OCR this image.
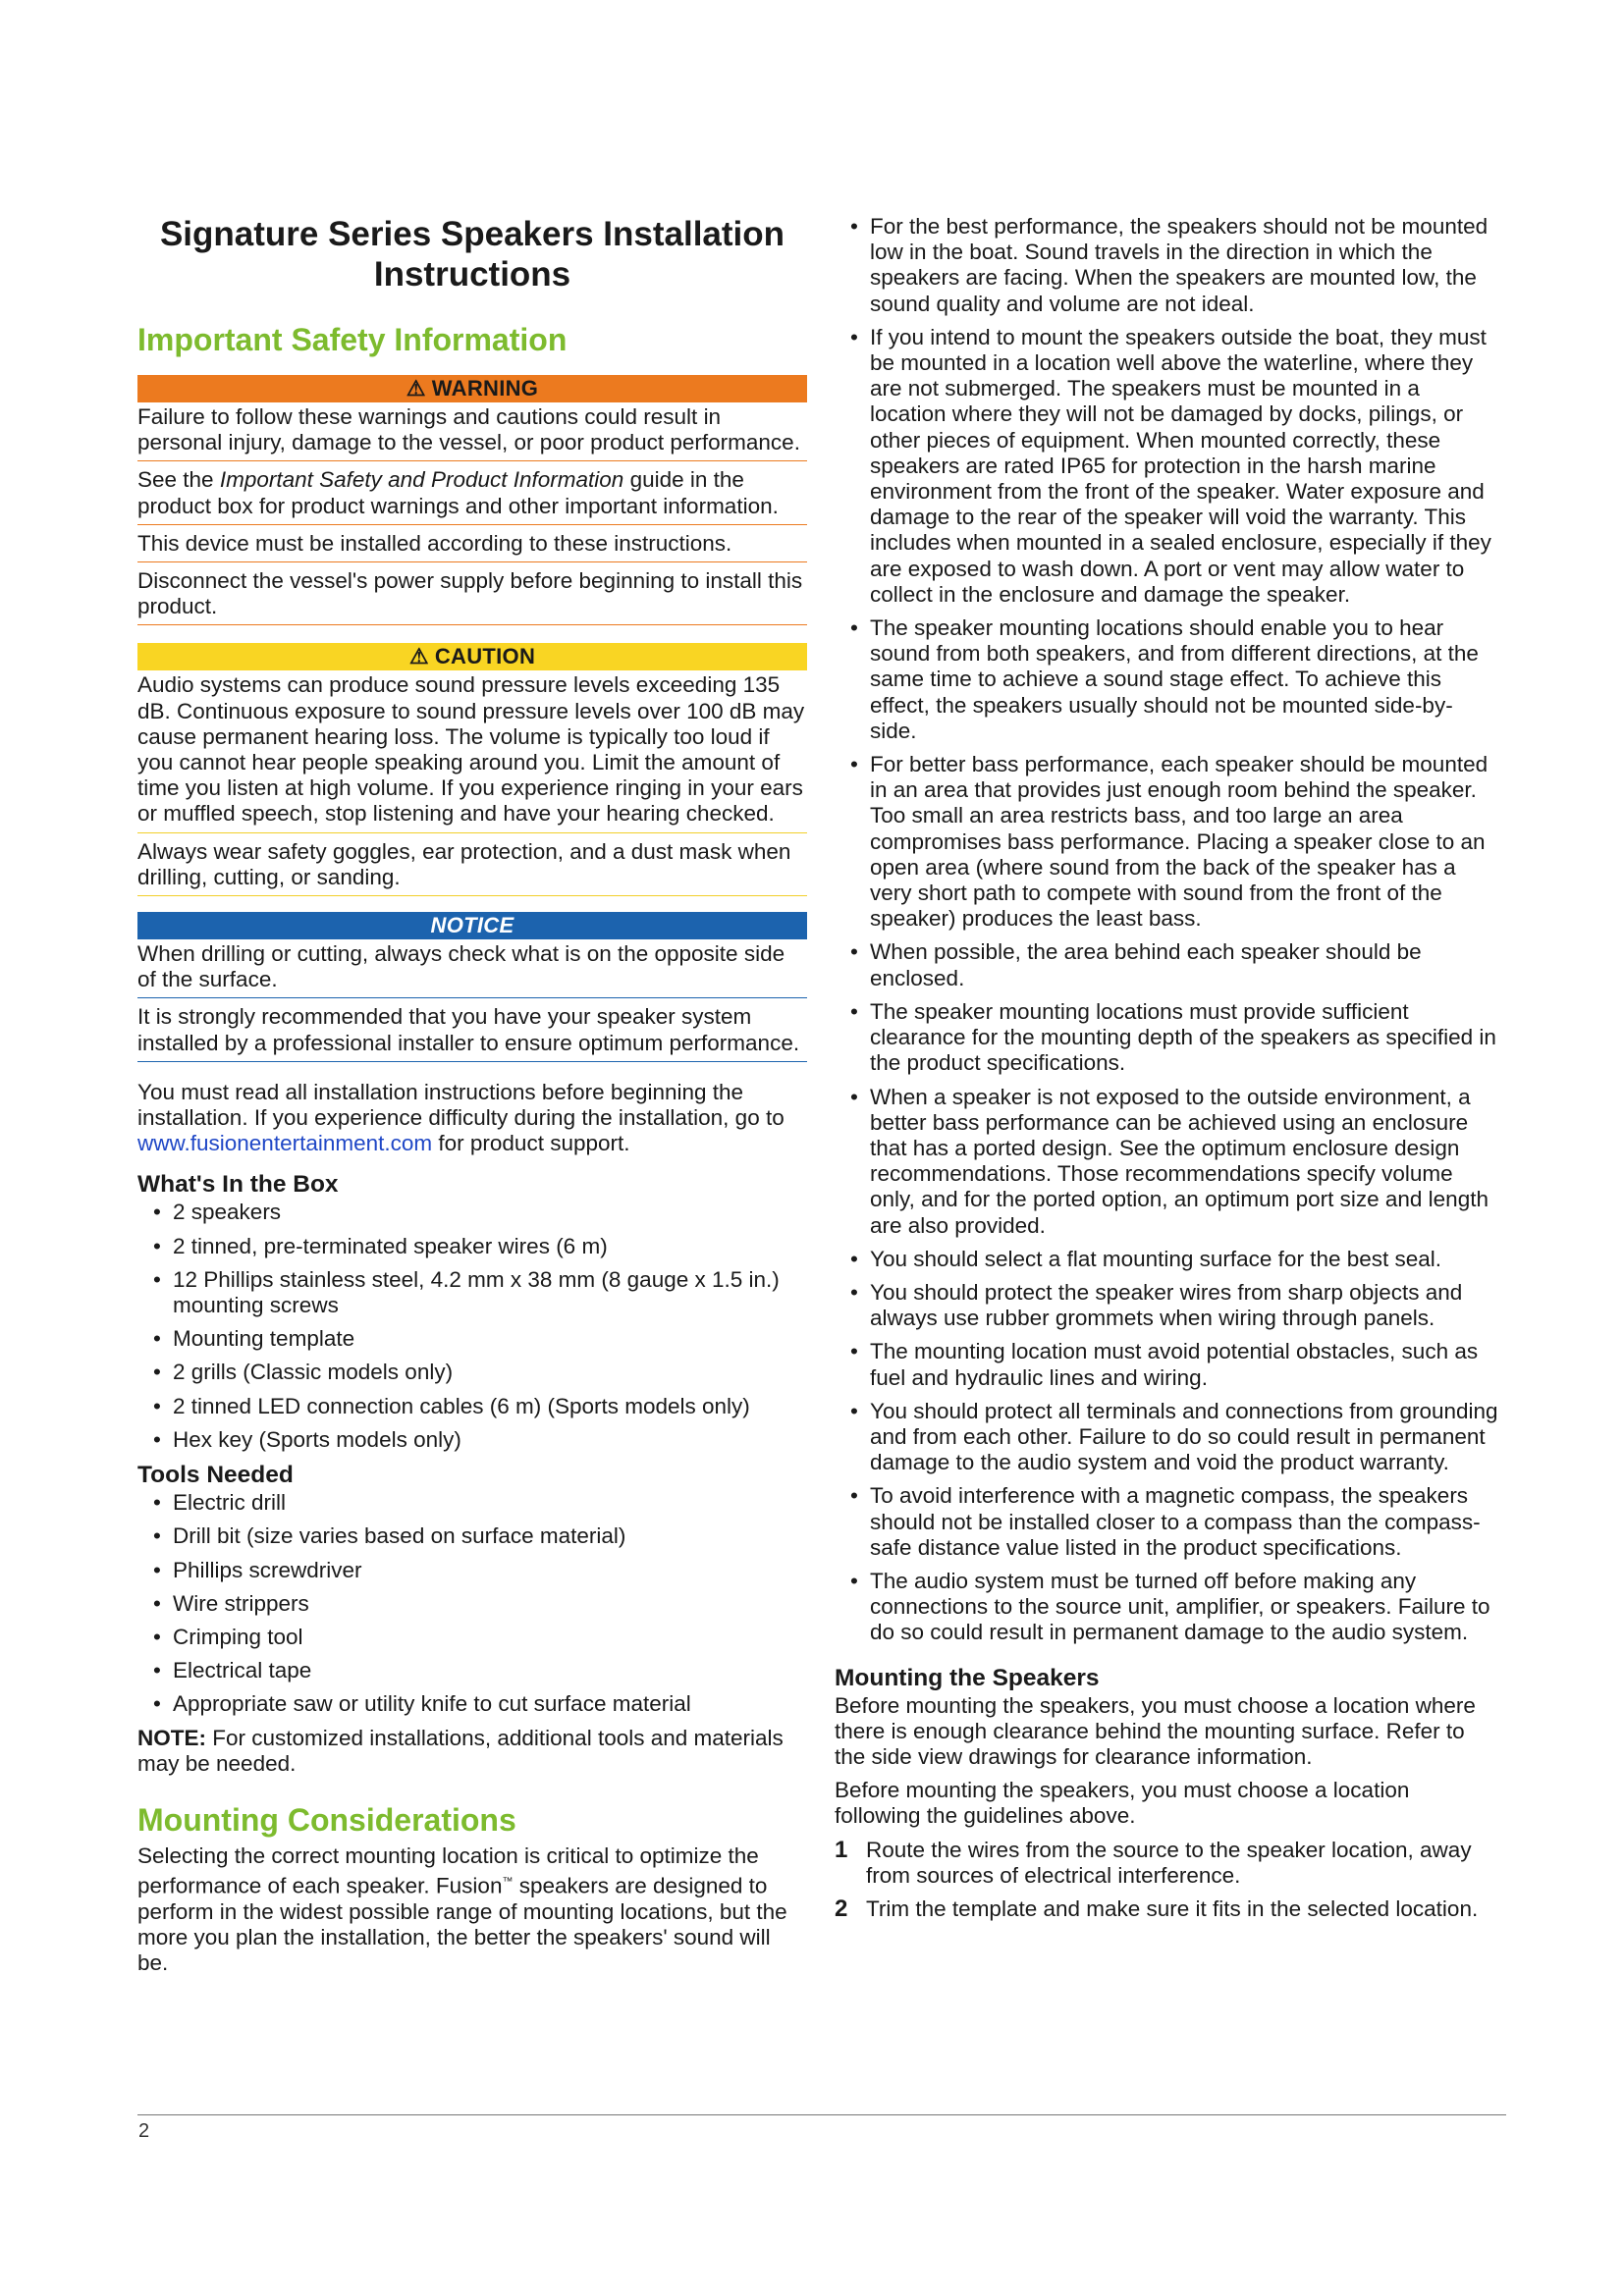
Signature Series Speakers Installation Instructions
Important Safety Information
⚠ WARNING

Failure to follow these warnings and cautions could result in personal injury, damage to the vessel, or poor product performance.

See the Important Safety and Product Information guide in the product box for product warnings and other important information.

This device must be installed according to these instructions.

Disconnect the vessel's power supply before beginning to install this product.

⚠ CAUTION

Audio systems can produce sound pressure levels exceeding 135 dB. Continuous exposure to sound pressure levels over 100 dB may cause permanent hearing loss. The volume is typically too loud if you cannot hear people speaking around you. Limit the amount of time you listen at high volume. If you experience ringing in your ears or muffled speech, stop listening and have your hearing checked.

Always wear safety goggles, ear protection, and a dust mask when drilling, cutting, or sanding.

NOTICE

When drilling or cutting, always check what is on the opposite side of the surface.

It is strongly recommended that you have your speaker system installed by a professional installer to ensure optimum performance.

You must read all installation instructions before beginning the installation. If you experience difficulty during the installation, go to www.fusionentertainment.com for product support.

What's In the Box
• 2 speakers
• 2 tinned, pre-terminated speaker wires (6 m)
• 12 Phillips stainless steel, 4.2 mm x 38 mm (8 gauge x 1.5 in.) mounting screws
• Mounting template
• 2 grills (Classic models only)
• 2 tinned LED connection cables (6 m) (Sports models only)
• Hex key (Sports models only)
Tools Needed
• Electric drill
• Drill bit (size varies based on surface material)
• Phillips screwdriver
• Wire strippers
• Crimping tool
• Electrical tape
• Appropriate saw or utility knife to cut surface material

NOTE: For customized installations, additional tools and materials may be needed.

Mounting Considerations

Selecting the correct mounting location is critical to optimize the performance of each speaker. Fusion™ speakers are designed to perform in the widest possible range of mounting locations, but the more you plan the installation, the better the speakers' sound will be.

• For the best performance, the speakers should not be mounted low in the boat. Sound travels in the direction in which the speakers are facing. When the speakers are mounted low, the sound quality and volume are not ideal.
• If you intend to mount the speakers outside the boat, they must be mounted in a location well above the waterline, where they are not submerged. The speakers must be mounted in a location where they will not be damaged by docks, pilings, or other pieces of equipment. When mounted correctly, these speakers are rated IP65 for protection in the harsh marine environment from the front of the speaker. Water exposure and damage to the rear of the speaker will void the warranty. This includes when mounted in a sealed enclosure, especially if they are exposed to wash down. A port or vent may allow water to collect in the enclosure and damage the speaker.
• The speaker mounting locations should enable you to hear sound from both speakers, and from different directions, at the same time to achieve a sound stage effect. To achieve this effect, the speakers usually should not be mounted side-by-side.
• For better bass performance, each speaker should be mounted in an area that provides just enough room behind the speaker. Too small an area restricts bass, and too large an area compromises bass performance. Placing a speaker close to an open area (where sound from the back of the speaker has a very short path to compete with sound from the front of the speaker) produces the least bass.
• When possible, the area behind each speaker should be enclosed.
• The speaker mounting locations must provide sufficient clearance for the mounting depth of the speakers as specified in the product specifications.
• When a speaker is not exposed to the outside environment, a better bass performance can be achieved using an enclosure that has a ported design. See the optimum enclosure design recommendations. Those recommendations specify volume only, and for the ported option, an optimum port size and length are also provided.
• You should select a flat mounting surface for the best seal.
• You should protect the speaker wires from sharp objects and always use rubber grommets when wiring through panels.
• The mounting location must avoid potential obstacles, such as fuel and hydraulic lines and wiring.
• You should protect all terminals and connections from grounding and from each other. Failure to do so could result in permanent damage to the audio system and void the product warranty.
• To avoid interference with a magnetic compass, the speakers should not be installed closer to a compass than the compass-safe distance value listed in the product specifications.
• The audio system must be turned off before making any connections to the source unit, amplifier, or speakers. Failure to do so could result in permanent damage to the audio system.
Mounting the Speakers

Before mounting the speakers, you must choose a location where there is enough clearance behind the mounting surface. Refer to the side view drawings for clearance information.

Before mounting the speakers, you must choose a location following the guidelines above.

1 Route the wires from the source to the speaker location, away from sources of electrical interference.
2 Trim the template and make sure it fits in the selected location.
2
